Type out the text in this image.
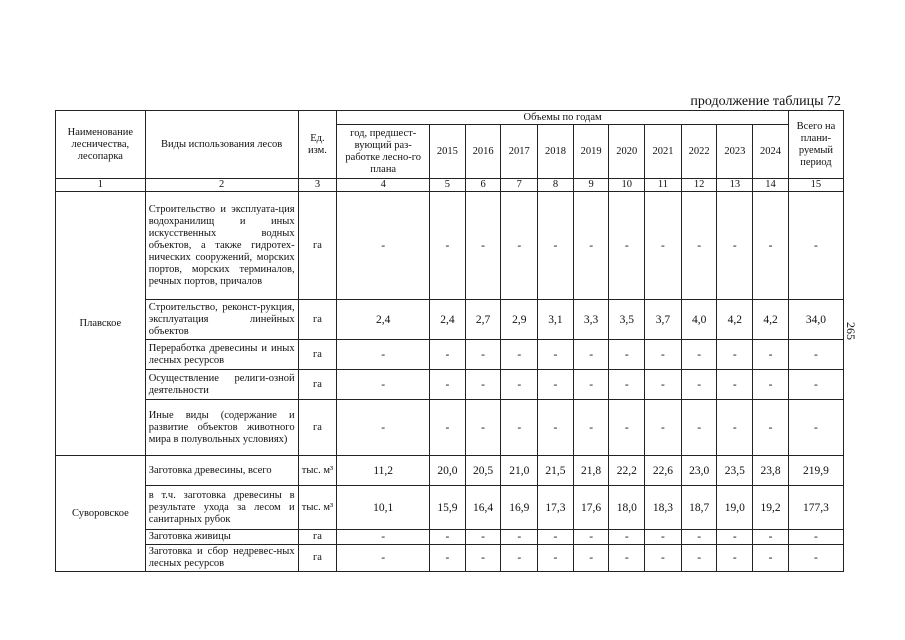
продолжение таблицы 72
265
Наименование лесничества, лесопарка	Виды использования лесов	Ед. изм.	Объемы по годам											Всего на плани-руемый период
			год, предшест-вующий раз-работке лесно-го плана	2015	2016	2017	2018	2019	2020	2021	2022	2023	2024	
1	2	3	4	5	6	7	8	9	10	11	12	13	14	15
Плавское	Строительство и эксплуата-ция водохранилищ и иных искусственных водных объектов, а также гидротех-нических сооружений, морских портов, морских терминалов, речных портов, причалов	га	-	-	-	-	-	-	-	-	-	-	-	-
	Строительство, реконст-рукция, эксплуатация линейных объектов	га	2,4	2,4	2,7	2,9	3,1	3,3	3,5	3,7	4,0	4,2	4,2	34,0
	Переработка древесины и иных лесных ресурсов	га	-	-	-	-	-	-	-	-	-	-	-	-
	Осуществление религи-озной деятельности	га	-	-	-	-	-	-	-	-	-	-	-	-
	Иные виды (содержание и развитие объектов животного мира в полувольных условиях)	га	-	-	-	-	-	-	-	-	-	-	-	-
Суворовское	Заготовка древесины, всего	тыс. м³	11,2	20,0	20,5	21,0	21,5	21,8	22,2	22,6	23,0	23,5	23,8	219,9
	в т.ч. заготовка древесины в результате ухода за лесом и санитарных рубок	тыс. м³	10,1	15,9	16,4	16,9	17,3	17,6	18,0	18,3	18,7	19,0	19,2	177,3
	Заготовка живицы	га	-	-	-	-	-	-	-	-	-	-	-	-
	Заготовка и сбор недревес-ных лесных ресурсов	га	-	-	-	-	-	-	-	-	-	-	-	-
